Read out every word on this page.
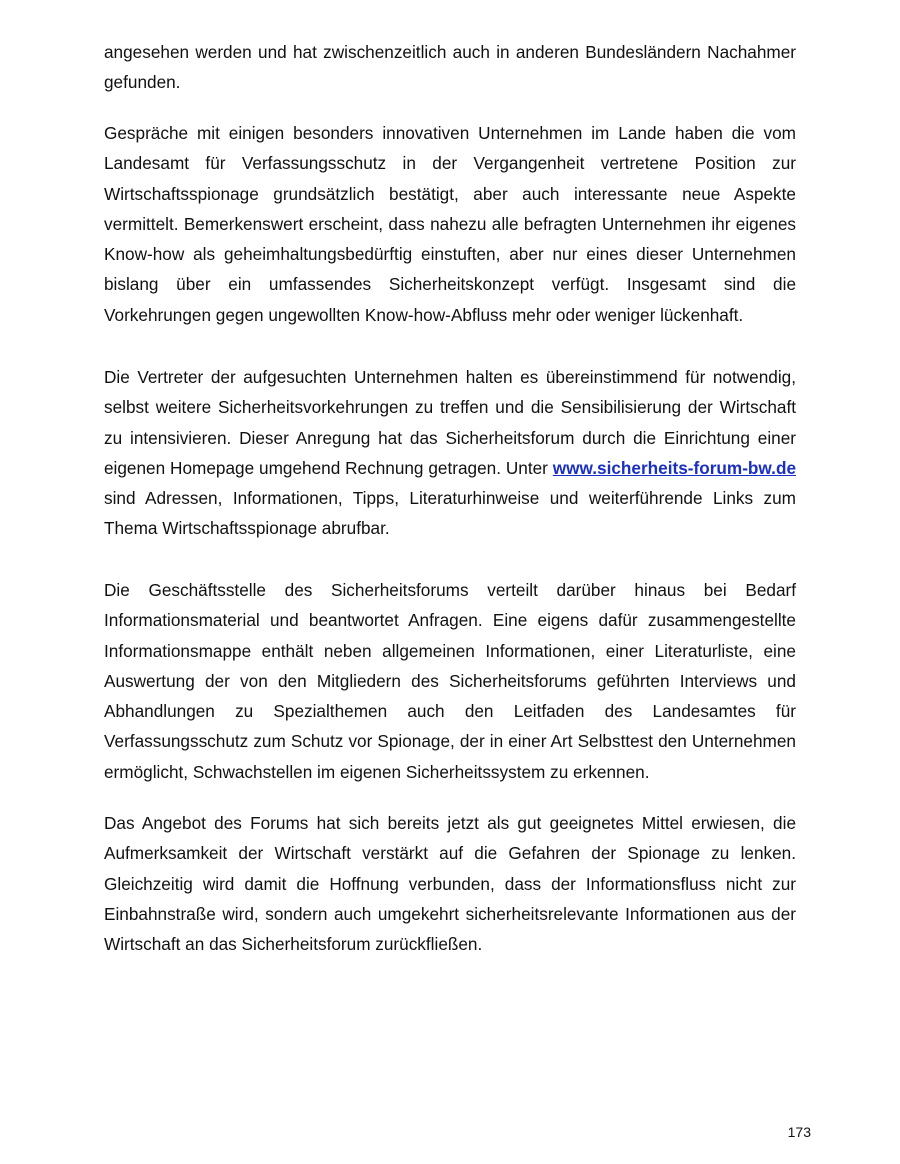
angesehen werden und hat zwischenzeitlich auch in anderen Bundesländern Nachahmer gefunden.

Gespräche mit einigen besonders innovativen Unternehmen im Lande haben die vom Landesamt für Verfassungsschutz in der Vergangenheit vertretene Position zur Wirtschaftsspionage grundsätzlich bestätigt, aber auch interessante neue Aspekte vermittelt. Bemerkenswert erscheint, dass nahezu alle befragten Unternehmen ihr eigenes Know-how als geheimhaltungsbedürftig einstuften, aber nur eines dieser Unternehmen bislang über ein umfassendes Sicherheitskonzept verfügt. Insgesamt sind die Vorkehrungen gegen ungewollten Know-how-Abfluss mehr oder weniger lückenhaft.

Die Vertreter der aufgesuchten Unternehmen halten es übereinstimmend für notwendig, selbst weitere Sicherheitsvorkehrungen zu treffen und die Sensibilisierung der Wirtschaft zu intensivieren. Dieser Anregung hat das Sicherheitsforum durch die Einrichtung einer eigenen Homepage umgehend Rechnung getragen. Unter www.sicherheits-forum-bw.de sind Adressen, Informationen, Tipps, Literaturhinweise und weiterführende Links zum Thema Wirtschaftsspionage abrufbar.

Die Geschäftsstelle des Sicherheitsforums verteilt darüber hinaus bei Bedarf Informationsmaterial und beantwortet Anfragen. Eine eigens dafür zusammengestellte Informationsmappe enthält neben allgemeinen Informationen, einer Literaturliste, eine Auswertung der von den Mitgliedern des Sicherheitsforums geführten Interviews und Abhandlungen zu Spezialthemen auch den Leitfaden des Landesamtes für Verfassungsschutz zum Schutz vor Spionage, der in einer Art Selbsttest den Unternehmen ermöglicht, Schwachstellen im eigenen Sicherheitssystem zu erkennen.

Das Angebot des Forums hat sich bereits jetzt als gut geeignetes Mittel erwiesen, die Aufmerksamkeit der Wirtschaft verstärkt auf die Gefahren der Spionage zu lenken. Gleichzeitig wird damit die Hoffnung verbunden, dass der Informationsfluss nicht zur Einbahnstraße wird, sondern auch umgekehrt sicherheitsrelevante Informationen aus der Wirtschaft an das Sicherheitsforum zurückfließen.

173
